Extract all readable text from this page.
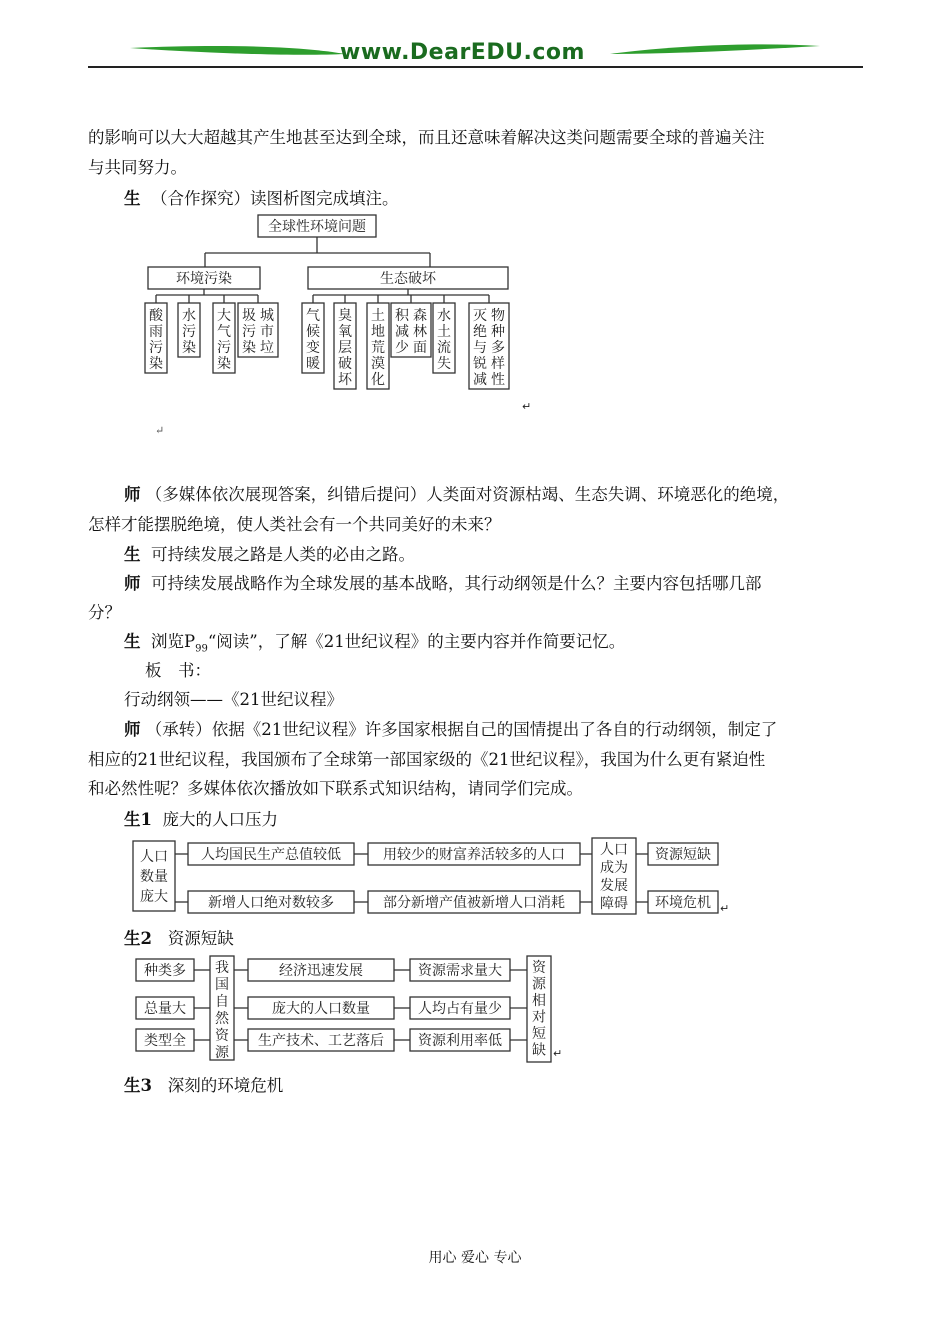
www.DearEDU.com
的影响可以大大超越其产生地甚至达到全球，而且还意味着解决这类问题需要全球的普遍关注
与共同努力。
生 （合作探究）读图析图完成填注。
全球性环境问题
环境污染	生态破坏
酸
雨
污
染
水
污
染
大
气
污
染
城
市
垃
圾
污
染
气
候
变
暖
臭
氧
层
破
坏
土
地
荒
漠
化
森
林
面
积
减
少
水
土
流
失
物
种
多
样
性
灭
绝
与
锐
减
↵
↵
师 （多媒体依次展现答案，纠错后提问）人类面对资源枯竭、生态失调、环境恶化的绝境，
怎样才能摆脱绝境，使人类社会有一个共同美好的未来？
生 可持续发展之路是人类的必由之路。
师 可持续发展战略作为全球发展的基本战略，其行动纲领是什么？主要内容包括哪几部
分？
生 浏览$P_{99}“$阅读”，了解《21世纪议程》的主要内容并作简要记忆。
板　书：
行动纲领——《21世纪议程》
师 （承转）依据《21世纪议程》许多国家根据自己的国情提出了各自的行动纲领，制定了
相应的21世纪议程，我国颁布了全球第一部国家级的《21世纪议程》，我国为什么更有紧迫性
和必然性呢？多媒体依次播放如下联系式知识结构，请同学们完成。
生1 庞大的人口压力
人口
数量
庞大
人均国民生产总值较低
新增人口绝对数较多
用较少的财富养活较多的人口
部分新增产值被新增人口消耗
人口
成为
发展
障碍
资源短缺
环境危机 ↵
生2 资源短缺
种类多
总量大
类型全
我
国
自
然
资
源
经济迅速发展	资源需求量大
庞大的人口数量	人均占有量少
生产技术、工艺落后 资源利用率低
资
源
相
对
短
缺 ↵
生3 深刻的环境危机
用心 爱心 专心
